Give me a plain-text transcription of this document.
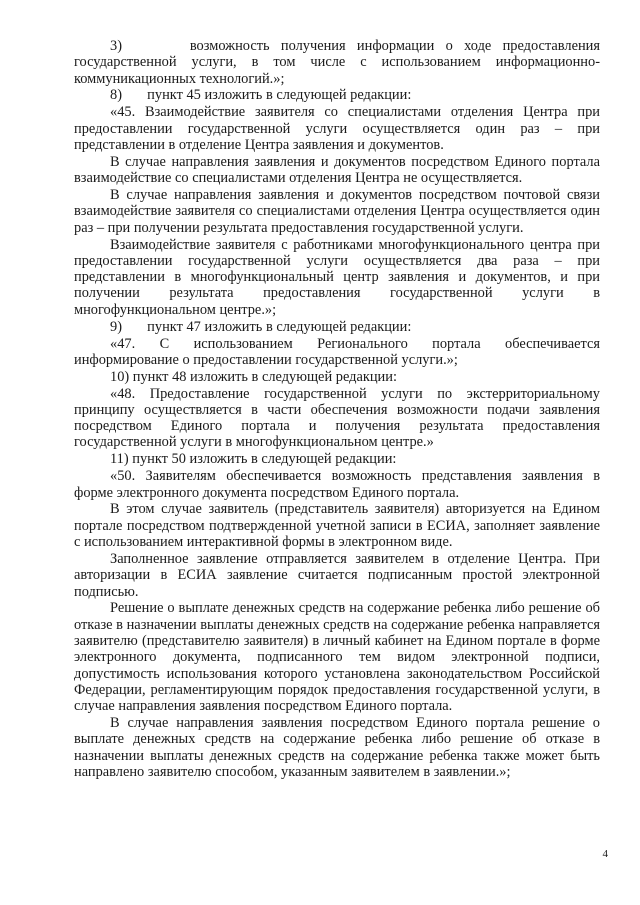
3)      возможность получения информации о ходе предоставления государственной услуги, в том числе с использованием информационно-коммуникационных технологий.»;

8)       пункт 45 изложить в следующей редакции:

«45. Взаимодействие заявителя со специалистами отделения Центра при предоставлении государственной услуги осуществляется один раз – при представлении в отделение Центра заявления и документов.

В случае направления заявления и документов посредством Единого портала взаимодействие со специалистами отделения Центра не осуществляется.

В случае направления заявления и документов посредством почтовой связи взаимодействие заявителя со специалистами отделения Центра осуществляется один раз – при получении результата предоставления государственной услуги.

Взаимодействие заявителя с работниками многофункционального центра при предоставлении государственной услуги осуществляется два раза – при представлении в многофункциональный центр заявления и документов, и при получении результата предоставления государственной услуги в многофункциональном центре.»;

9)       пункт 47 изложить в следующей редакции:

«47. С использованием Регионального портала обеспечивается информирование о предоставлении государственной услуги.»;

10) пункт 48 изложить в следующей редакции:

«48. Предоставление государственной услуги по экстерриториальному принципу осуществляется в части обеспечения возможности подачи заявления посредством Единого портала и получения результата предоставления государственной услуги в многофункциональном центре.»

11) пункт 50 изложить в следующей редакции:

«50. Заявителям обеспечивается возможность представления заявления в форме электронного документа посредством Единого портала.

В этом случае заявитель (представитель заявителя) авторизуется на Едином портале посредством подтвержденной учетной записи в ЕСИА, заполняет заявление с использованием интерактивной формы в электронном виде.

Заполненное заявление отправляется заявителем в отделение Центра. При авторизации в ЕСИА заявление считается подписанным простой электронной подписью.

Решение о выплате денежных средств на содержание ребенка либо решение об отказе в назначении выплаты денежных средств на содержание ребенка направляется заявителю (представителю заявителя) в личный кабинет на Едином портале в форме электронного документа, подписанного тем видом электронной подписи, допустимость использования которого установлена законодательством Российской Федерации, регламентирующим порядок предоставления государственной услуги, в случае направления заявления посредством Единого портала.

В случае направления заявления посредством Единого портала решение о выплате денежных средств на содержание ребенка либо решение об отказе в назначении выплаты денежных средств на содержание ребенка также может быть направлено заявителю способом, указанным заявителем в заявлении.»;

4
